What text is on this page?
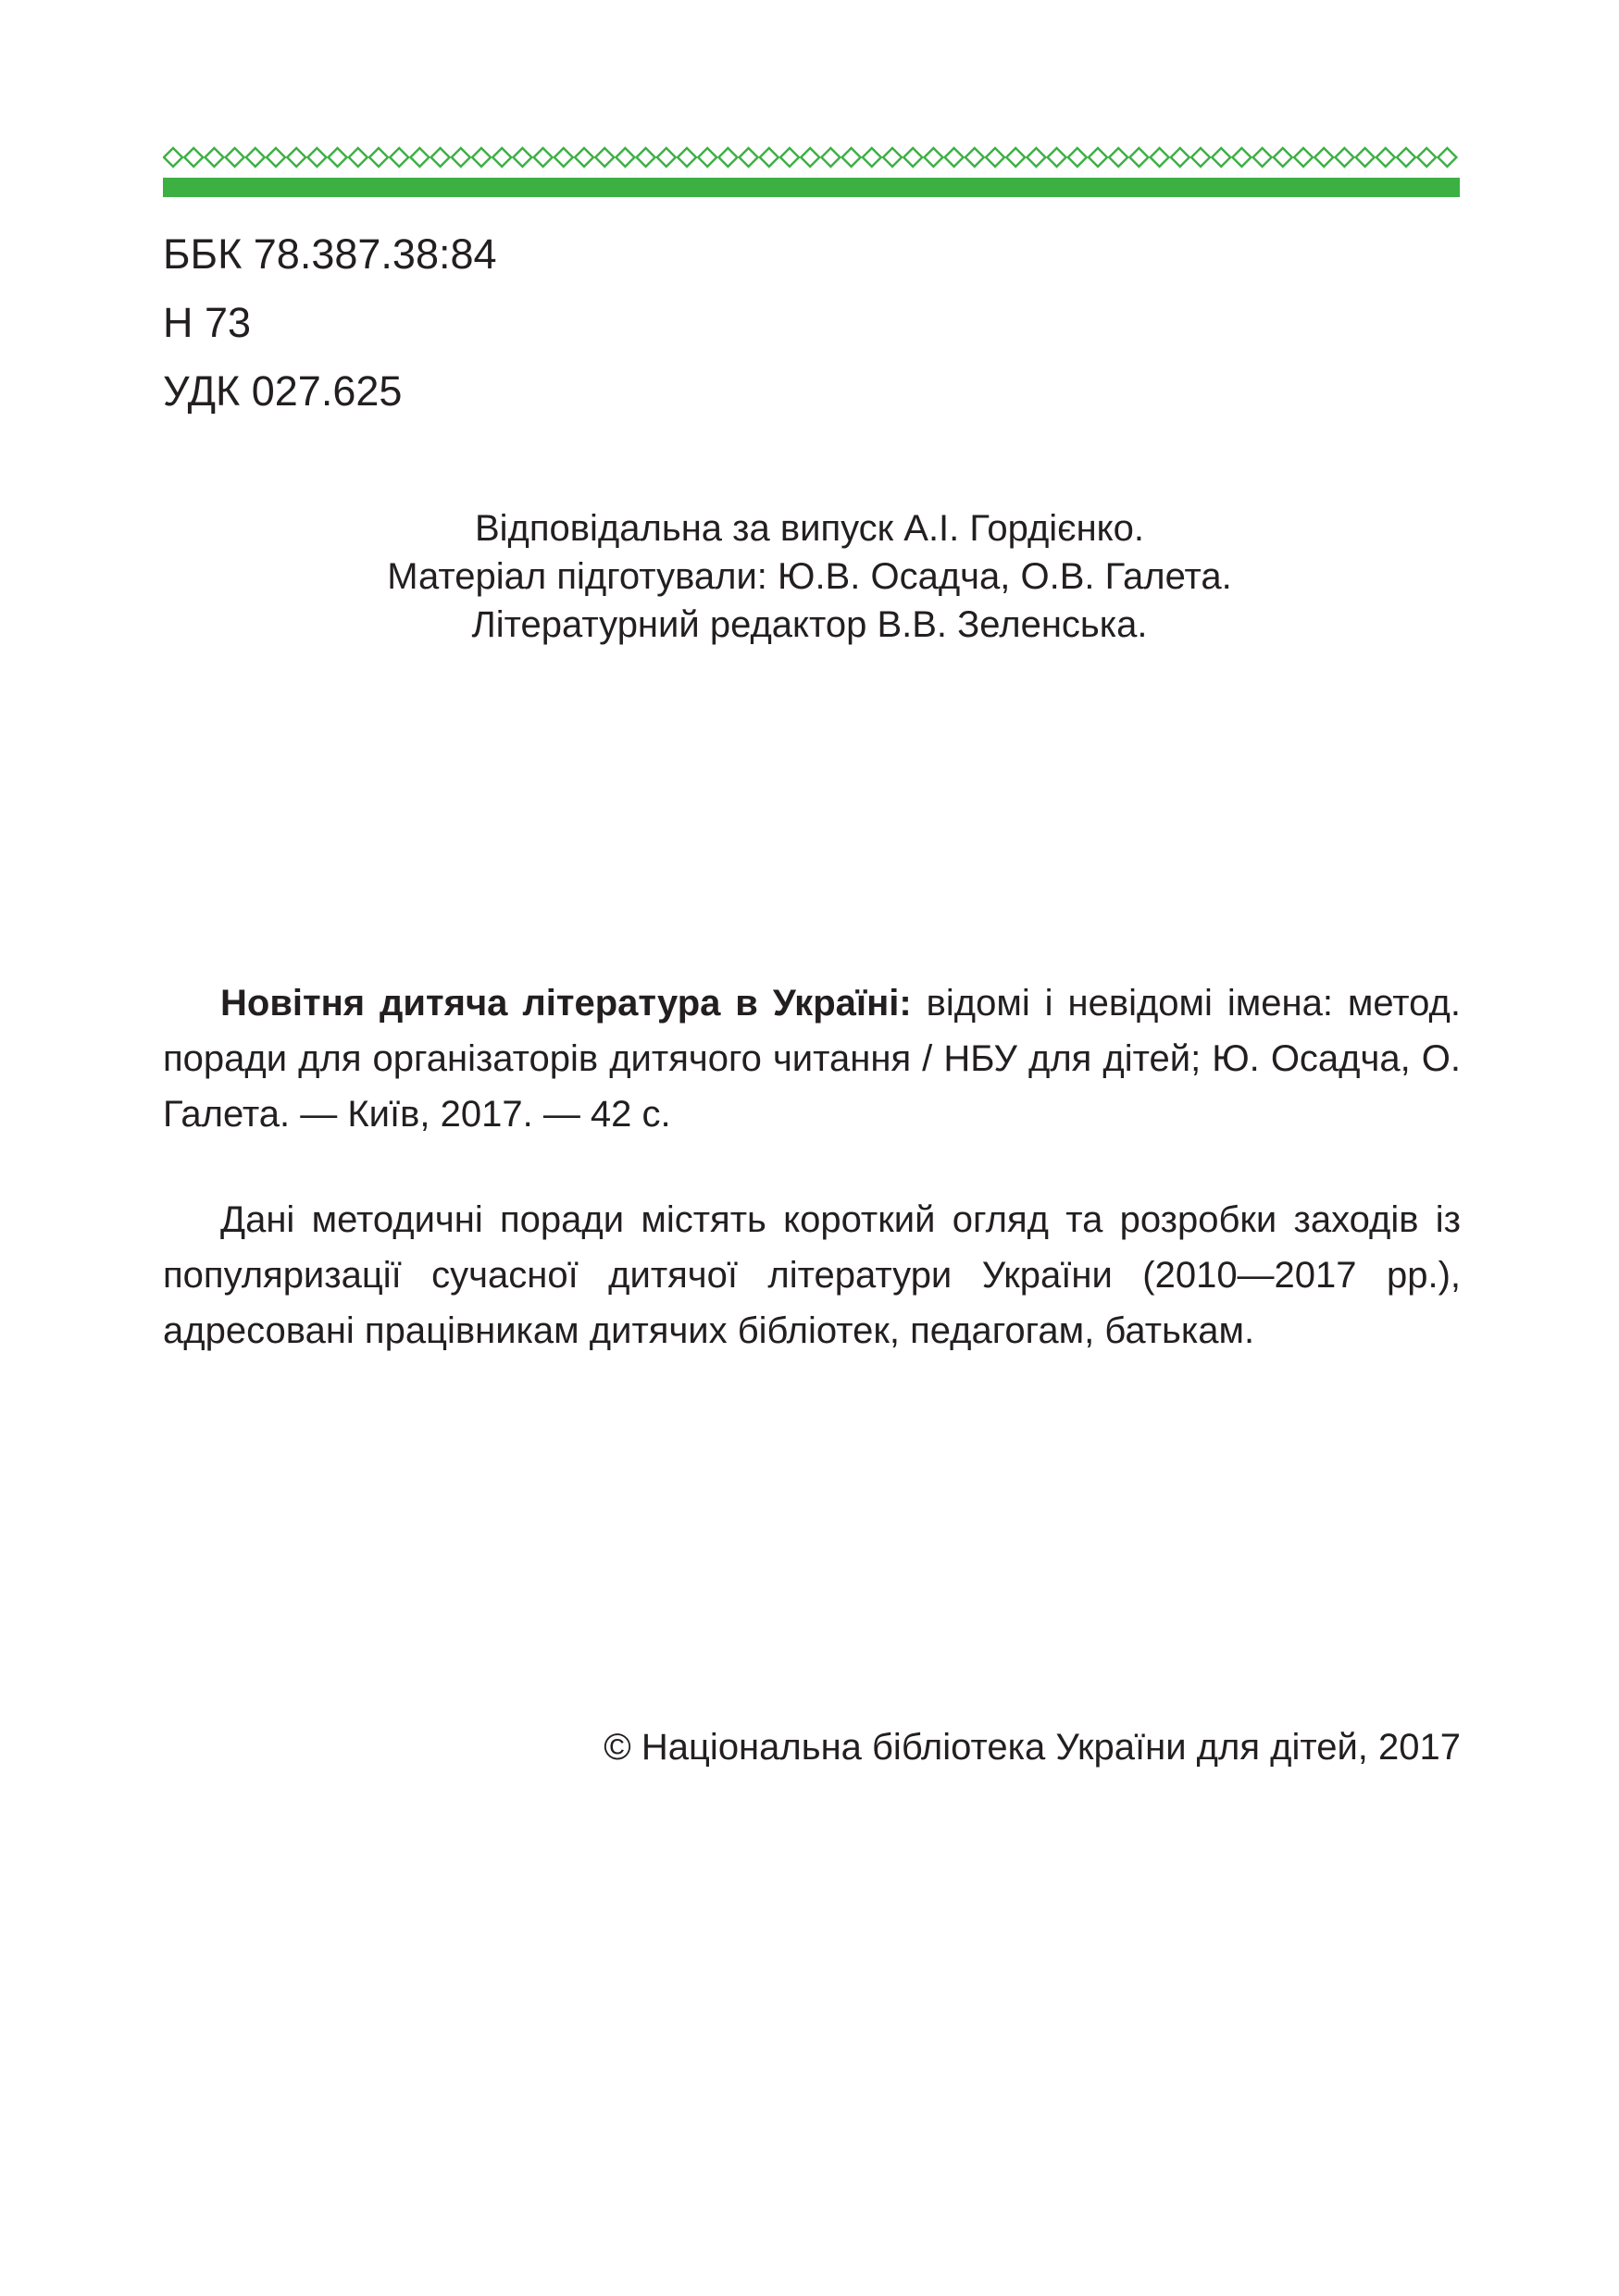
ББК 78.387.38:84
Н 73
УДК 027.625
Відповідальна за випуск А.І. Гордієнко.
Матеріал підготували: Ю.В. Осадча, О.В. Галета.
Літературний редактор В.В. Зеленська.
Новітня дитяча література в Україні: відомі і невідомі імена: метод. поради для організаторів дитячого читання / НБУ для дітей; Ю. Осадча, О. Галета. — Київ, 2017. — 42 с.
Дані методичні поради містять короткий огляд та розробки заходів із популяризації сучасної дитячої літератури України (2010—2017 рр.), адресовані працівникам дитячих бібліотек, педагогам, батькам.
© Національна бібліотека України для дітей, 2017
